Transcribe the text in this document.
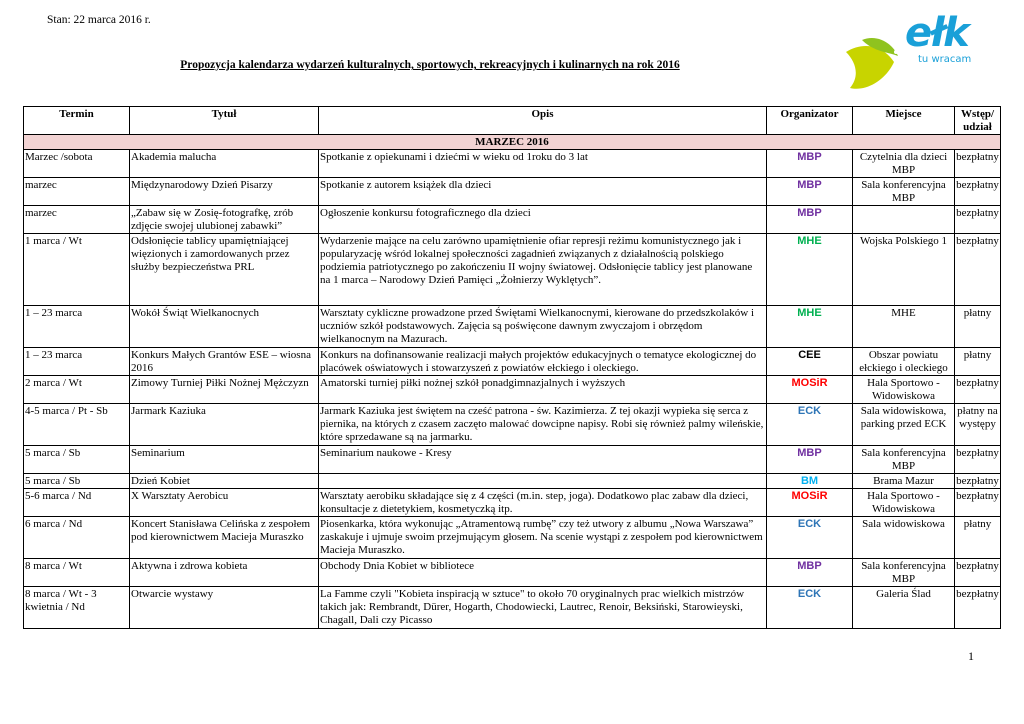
Stan: 22 marca 2016 r.
Propozycja kalendarza wydarzeń kulturalnych, sportowych, rekreacyjnych i kulinarnych na rok 2016
ełk
tu wracam
Termin	Tytuł	Opis	Organizator	Miejsce	Wstęp/ udział
MARZEC 2016					
Marzec /sobota	Akademia malucha	Spotkanie z opiekunami i dziećmi w wieku od 1roku do 3 lat	MBP	Czytelnia dla dzieci MBP	bezpłatny
marzec	Międzynarodowy Dzień Pisarzy	Spotkanie z autorem książek dla dzieci	MBP	Sala konferencyjna MBP	bezpłatny
marzec	„Zabaw się w Zosię-fotografkę, zrób zdjęcie swojej ulubionej zabawki”	Ogłoszenie konkursu fotograficznego dla dzieci	MBP		bezpłatny
1 marca / Wt	Odsłonięcie tablicy upamiętniającej więzionych i zamordowanych przez służby bezpieczeństwa PRL	Wydarzenie mające na celu zarówno upamiętnienie ofiar represji reżimu komunistycznego jak i popularyzację wśród lokalnej społeczności zagadnień związanych z działalnością polskiego podziemia patriotycznego po zakończeniu II wojny światowej. Odsłonięcie tablicy jest planowane na 1 marca – Narodowy Dzień Pamięci „Żołnierzy Wyklętych”.	MHE	Wojska Polskiego 1	bezpłatny
1 – 23 marca	Wokół Świąt Wielkanocnych	Warsztaty cykliczne prowadzone przed Świętami Wielkanocnymi, kierowane do przedszkolaków i uczniów szkół podstawowych. Zajęcia są poświęcone dawnym zwyczajom i obrzędom wielkanocnym na Mazurach.	MHE	MHE	płatny
1 – 23 marca	Konkurs Małych Grantów ESE – wiosna 2016	Konkurs na dofinansowanie realizacji małych projektów edukacyjnych o tematyce ekologicznej do placówek oświatowych i stowarzyszeń z powiatów ełckiego i oleckiego.	CEE	Obszar powiatu ełckiego i oleckiego	płatny
2 marca / Wt	Zimowy Turniej Piłki Nożnej Mężczyzn	Amatorski turniej piłki nożnej szkół ponadgimnazjalnych i wyższych	MOSiR	Hala Sportowo - Widowiskowa	bezpłatny
4-5 marca / Pt - Sb	Jarmark Kaziuka	Jarmark Kaziuka jest świętem na cześć patrona - św. Kazimierza. Z tej okazji wypieka się serca z piernika, na których z czasem zaczęto malować dowcipne napisy. Robi się również palmy wileńskie, które sprzedawane są na jarmarku.	ECK	Sala widowiskowa, parking przed ECK	płatny na występy
5 marca / Sb	Seminarium	Seminarium naukowe - Kresy	MBP	Sala konferencyjna MBP	bezpłatny
5 marca / Sb	Dzień Kobiet		BM	Brama Mazur	bezpłatny
5-6 marca / Nd	X Warsztaty Aerobicu	Warsztaty aerobiku składające się z 4 części (m.in. step, joga). Dodatkowo plac zabaw dla dzieci, konsultacje z dietetykiem, kosmetyczką itp.	MOSiR	Hala Sportowo - Widowiskowa	bezpłatny
6 marca / Nd	Koncert Stanisława Celińska z zespołem pod kierownictwem Macieja Muraszko	Piosenkarka, która wykonując „Atramentową rumbę” czy też utwory z albumu „Nowa Warszawa” zaskakuje i ujmuje swoim przejmującym głosem. Na scenie wystąpi z zespołem pod kierownictwem Macieja Muraszko.	ECK	Sala widowiskowa	płatny
8 marca / Wt	Aktywna i zdrowa kobieta	Obchody Dnia Kobiet w bibliotece	MBP	Sala konferencyjna MBP	bezpłatny
8 marca / Wt - 3 kwietnia / Nd	Otwarcie wystawy	La Famme czyli "Kobieta inspiracją w sztuce" to około 70 oryginalnych prac wielkich mistrzów takich jak: Rembrandt, Dürer, Hogarth, Chodowiecki, Lautrec, Renoir, Beksiński, Starowieyski, Chagall, Dali czy Picasso	ECK	Galeria Ślad	bezpłatny
1
